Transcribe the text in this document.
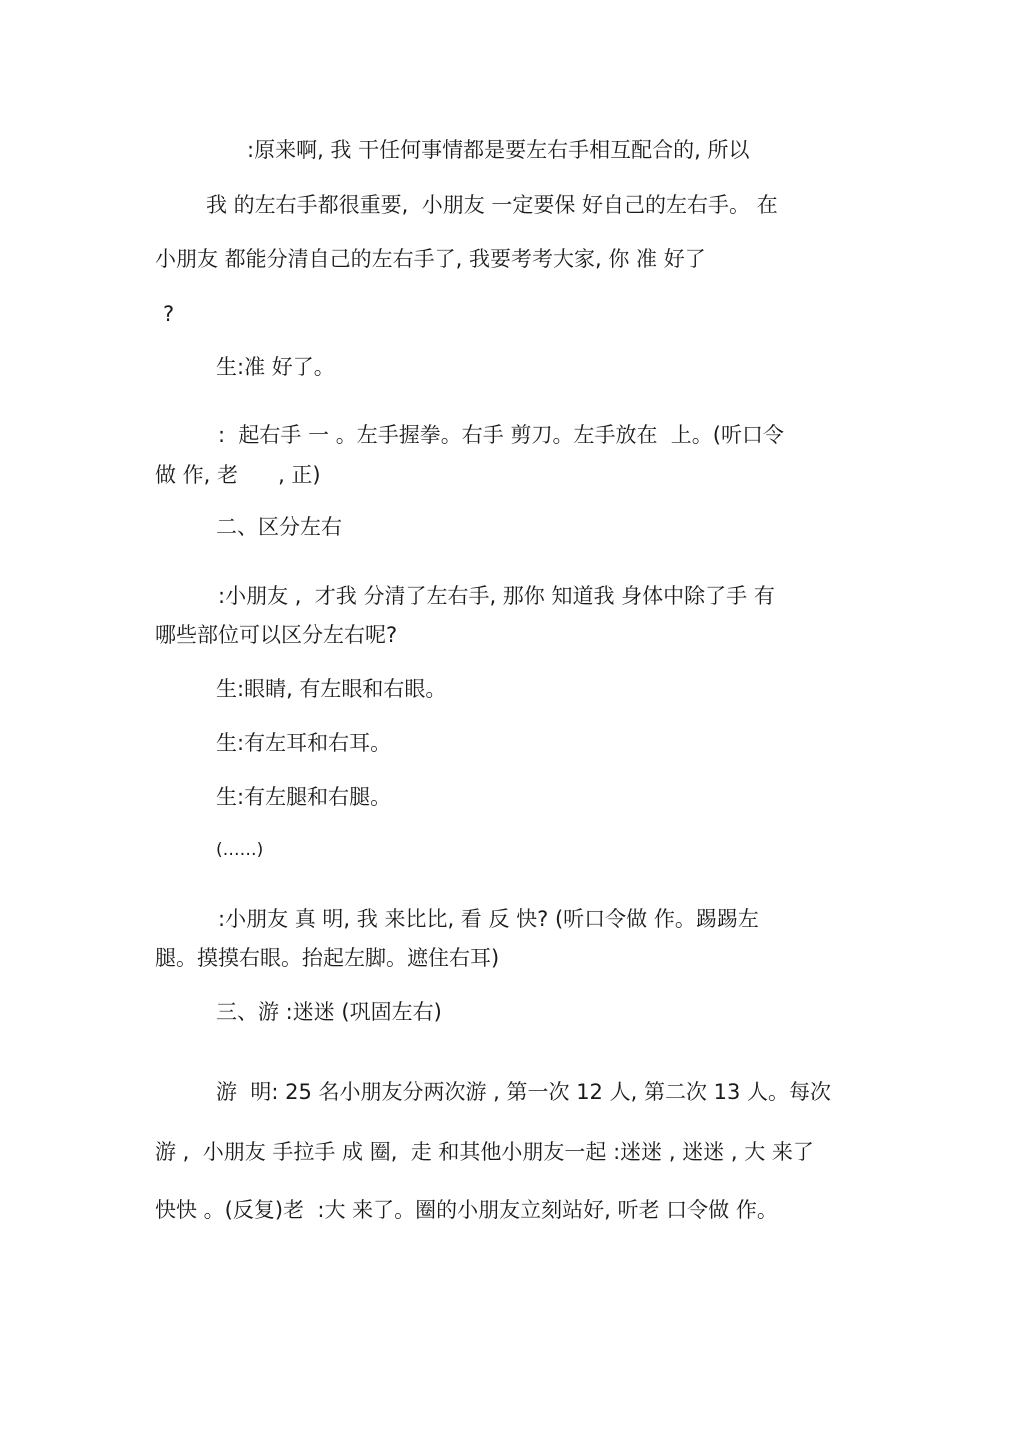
:原来啊, 我 干任何事情都是要左右手相互配合的, 所以
我 的左右手都很重要,  小朋友 一定要保 好自己的左右手。 在
小朋友 都能分清自己的左右手了, 我要考考大家, 你 准 好了
?
生:准 好了。
:  起右手 一 。左手握拳。右手 剪刀。左手放在  上。(听口令
做 作, 老      , 正)
二、区分左右
:小朋友 ,  才我 分清了左右手, 那你 知道我 身体中除了手 有
哪些部位可以区分左右呢?
生:眼睛, 有左眼和右眼。
生:有左耳和右耳。
生:有左腿和右腿。
(……)
:小朋友 真 明, 我 来比比, 看 反 快? (听口令做 作。踢踢左
腿。摸摸右眼。抬起左脚。遮住右耳)
三、游 :迷迷 (巩固左右)
游  明: 25 名小朋友分两次游 , 第一次 12 人, 第二次 13 人。每次
游 ,  小朋友 手拉手 成 圈,  走 和其他小朋友一起 :迷迷 , 迷迷 , 大 来了
快快 。(反复)老  :大 来了。圈的小朋友立刻站好, 听老 口令做 作。
